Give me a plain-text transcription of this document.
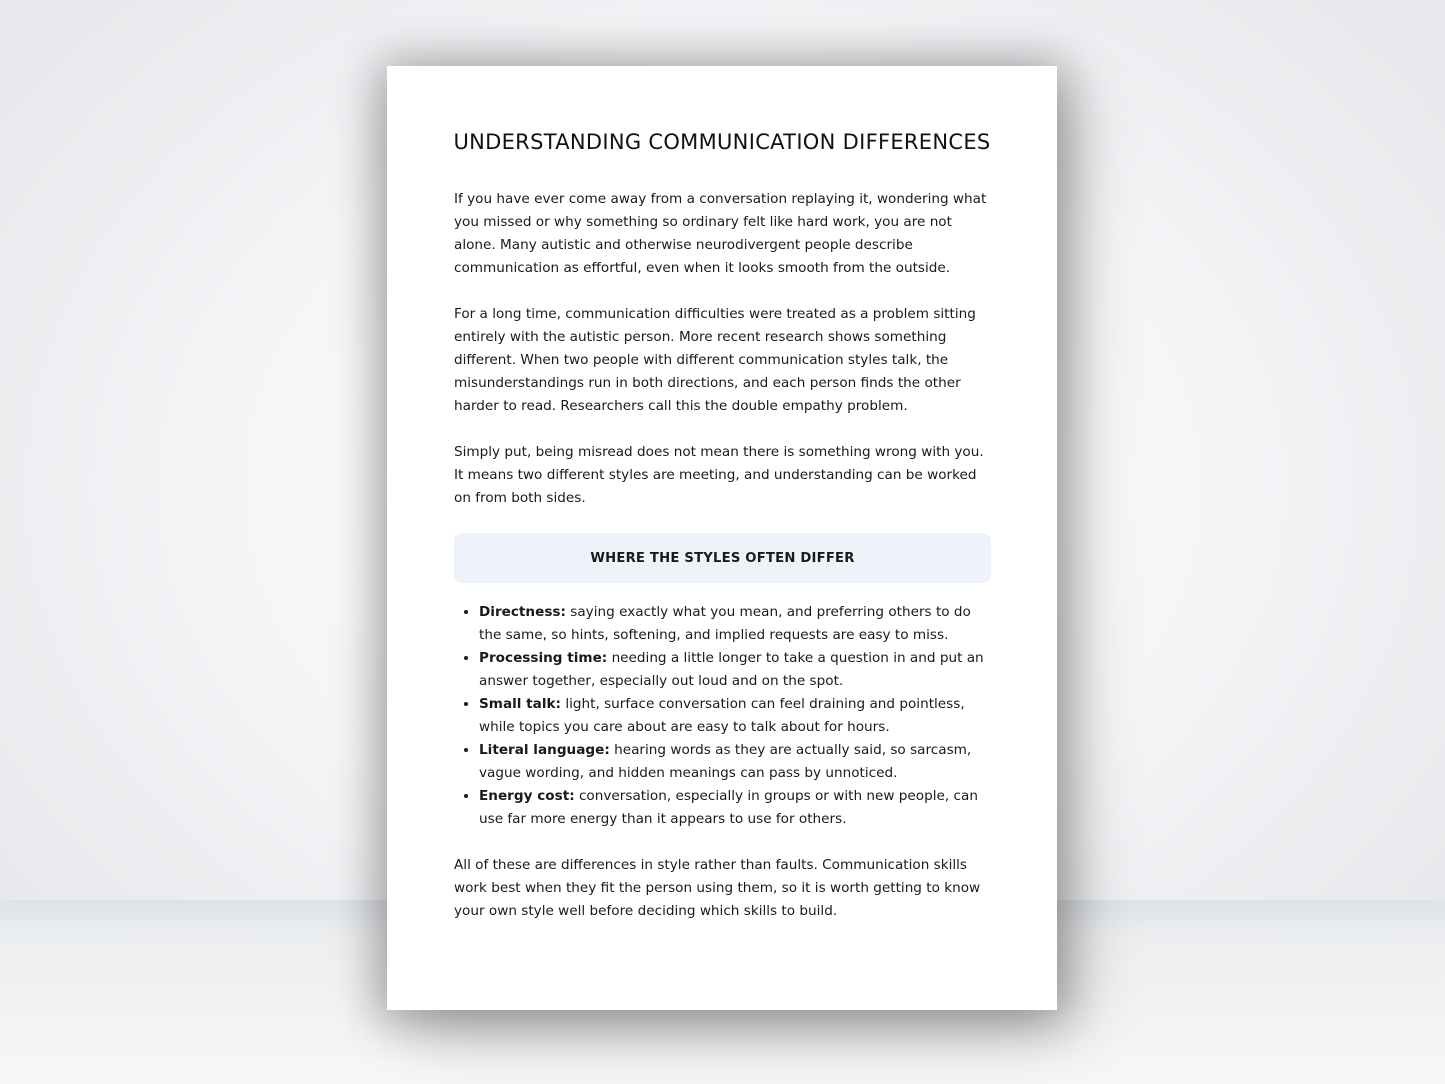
UNDERSTANDING COMMUNICATION DIFFERENCES

If you have ever come away from a conversation replaying it, wondering what you missed or why something so ordinary felt like hard work, you are not alone. Many autistic and otherwise neurodivergent people describe communication as effortful, even when it looks smooth from the outside.

For a long time, communication difficulties were treated as a problem sitting entirely with the autistic person. More recent research shows something different. When two people with different communication styles talk, the misunderstandings run in both directions, and each person finds the other harder to read. Researchers call this the double empathy problem.

Simply put, being misread does not mean there is something wrong with you. It means two different styles are meeting, and understanding can be worked on from both sides.

WHERE THE STYLES OFTEN DIFFER
• Directness: saying exactly what you mean, and preferring others to do the same, so hints, softening, and implied requests are easy to miss.
• Processing time: needing a little longer to take a question in and put an answer together, especially out loud and on the spot.
• Small talk: light, surface conversation can feel draining and pointless, while topics you care about are easy to talk about for hours.
• Literal language: hearing words as they are actually said, so sarcasm, vague wording, and hidden meanings can pass by unnoticed.
• Energy cost: conversation, especially in groups or with new people, can use far more energy than it appears to use for others.

All of these are differences in style rather than faults. Communication skills work best when they fit the person using them, so it is worth getting to know your own style well before deciding which skills to build.
